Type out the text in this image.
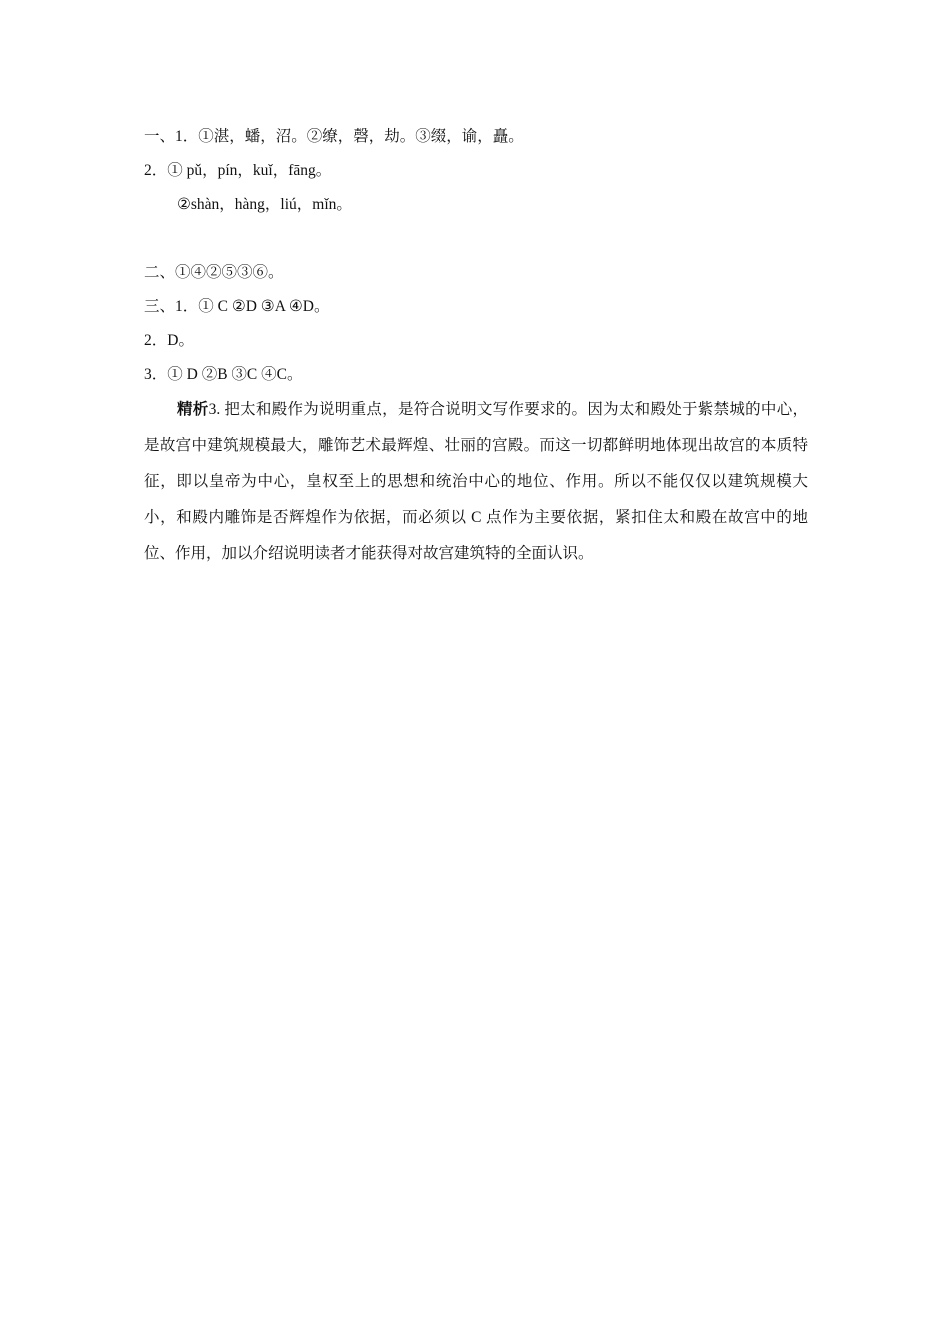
一、1．①湛，蟠，沼。②缭，磬，劫。③缀，谕，矗。
2．① pǔ，pín，kuǐ，fāng。
②shàn，hàng，liú，mǐn。
二、①④②⑤③⑥。
三、1．① C ②D ③A ④D。
2．D。
3．① D ②B ③C ④C。
精析3. 把太和殿作为说明重点，是符合说明文写作要求的。因为太和殿处于紫禁城的中心，是故宫中建筑规模最大，雕饰艺术最辉煌、壮丽的宫殿。而这一切都鲜明地体现出故宫的本质特征，即以皇帝为中心，皇权至上的思想和统治中心的地位、作用。所以不能仅仅以建筑规模大小，和殿内雕饰是否辉煌作为依据，而必须以 C 点作为主要依据，紧扣住太和殿在故宫中的地位、作用，加以介绍说明读者才能获得对故宫建筑特的全面认识。
